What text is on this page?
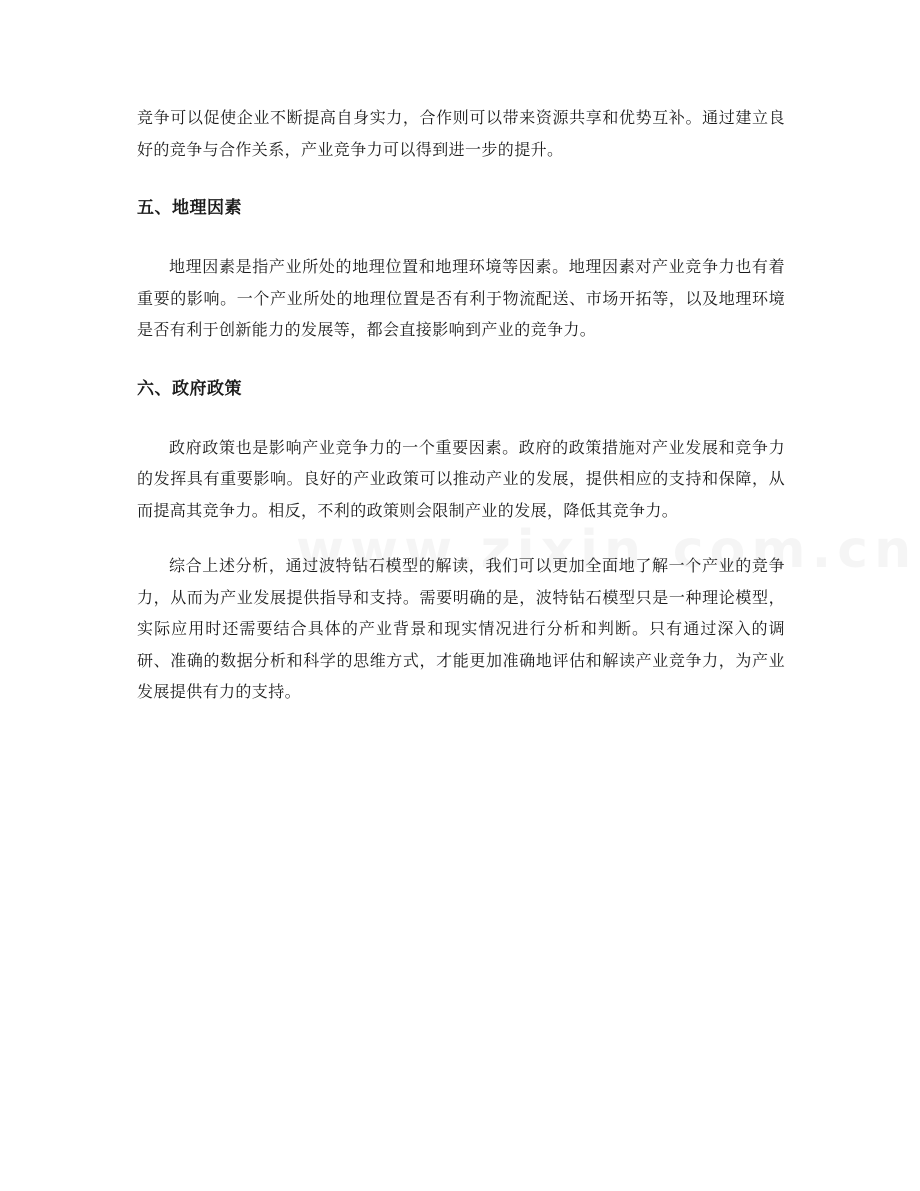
竞争可以促使企业不断提高自身实力，合作则可以带来资源共享和优势互补。通过建立良好的竞争与合作关系，产业竞争力可以得到进一步的提升。

五、地理因素

地理因素是指产业所处的地理位置和地理环境等因素。地理因素对产业竞争力也有着重要的影响。一个产业所处的地理位置是否有利于物流配送、市场开拓等，以及地理环境是否有利于创新能力的发展等，都会直接影响到产业的竞争力。

六、政府政策

政府政策也是影响产业竞争力的一个重要因素。政府的政策措施对产业发展和竞争力的发挥具有重要影响。良好的产业政策可以推动产业的发展，提供相应的支持和保障，从而提高其竞争力。相反，不利的政策则会限制产业的发展，降低其竞争力。

综合上述分析，通过波特钻石模型的解读，我们可以更加全面地了解一个产业的竞争力，从而为产业发展提供指导和支持。需要明确的是，波特钻石模型只是一种理论模型，实际应用时还需要结合具体的产业背景和现实情况进行分析和判断。只有通过深入的调研、准确的数据分析和科学的思维方式，才能更加准确地评估和解读产业竞争力，为产业发展提供有力的支持。
